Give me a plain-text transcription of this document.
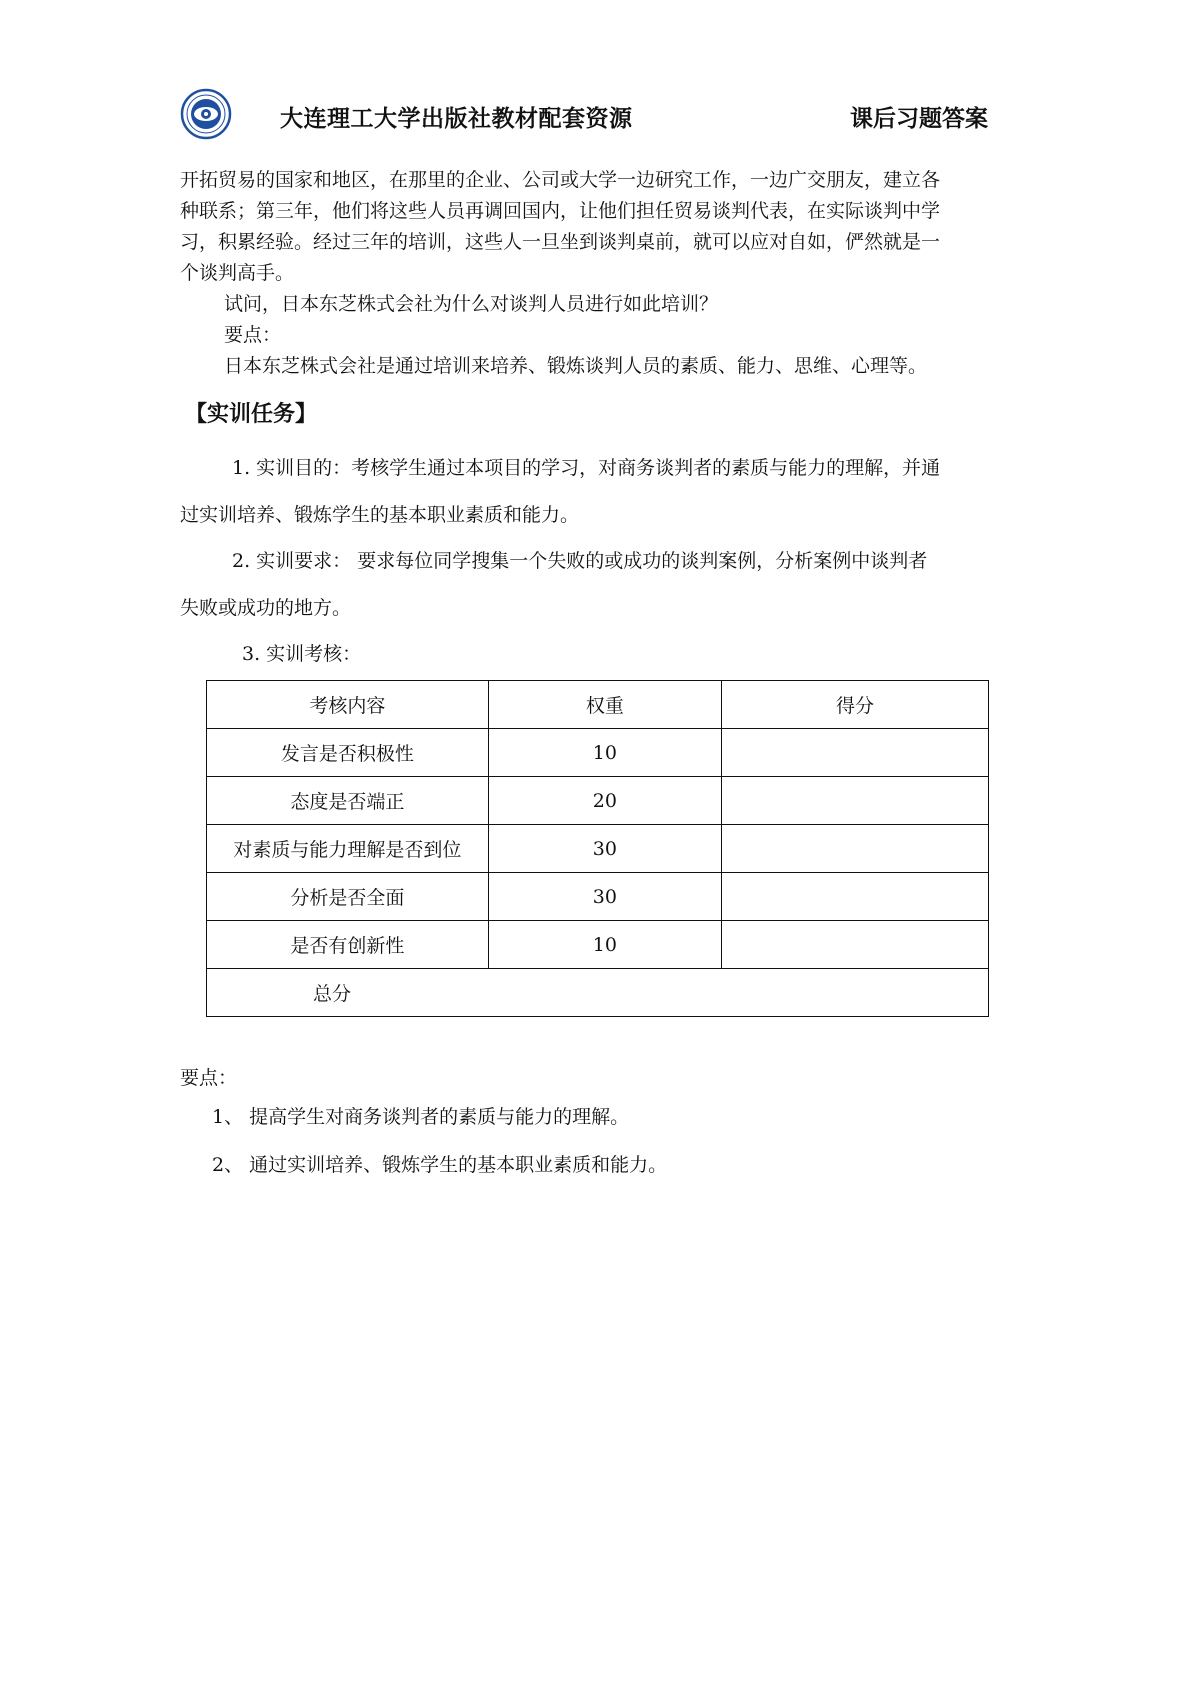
大连理工大学出版社教材配套资源	课后习题答案
开拓贸易的国家和地区，在那里的企业、公司或大学一边研究工作，一边广交朋友，建立各
种联系；第三年，他们将这些人员再调回国内，让他们担任贸易谈判代表，在实际谈判中学
习，积累经验。经过三年的培训，这些人一旦坐到谈判桌前，就可以应对自如，俨然就是一
个谈判高手。
试问，日本东芝株式会社为什么对谈判人员进行如此培训？
要点：
日本东芝株式会社是通过培训来培养、锻炼谈判人员的素质、能力、思维、心理等。
【实训任务】
1. 实训目的：考核学生通过本项目的学习，对商务谈判者的素质与能力的理解，并通
过实训培养、锻炼学生的基本职业素质和能力。
2. 实训要求： 要求每位同学搜集一个失败的或成功的谈判案例，分析案例中谈判者
失败或成功的地方。
3. 实训考核：
考核内容	权重	得分
发言是否积极性	10	
态度是否端正	20	
对素质与能力理解是否到位	30	
分析是否全面	30	
是否有创新性	10	
总分		
要点：
1、 提高学生对商务谈判者的素质与能力的理解。
2、 通过实训培养、锻炼学生的基本职业素质和能力。
